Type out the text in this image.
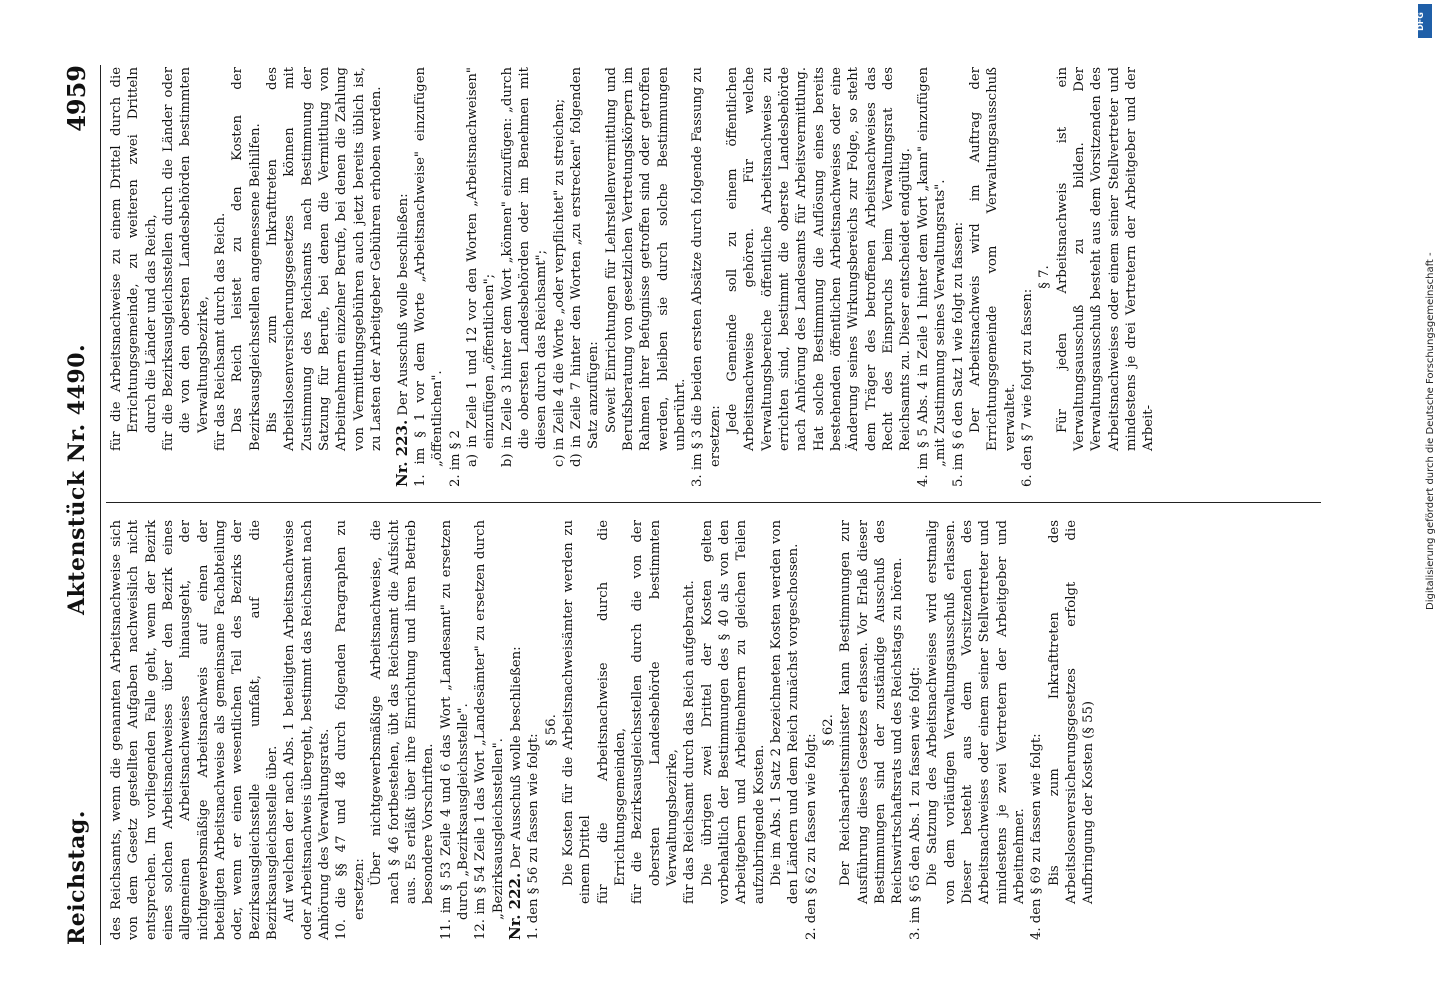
Reichstag.
Aktenstück Nr. 4490.
4959

des Reichsamts, wenn die genannten Arbeitsnachweise sich von dem Gesetz gestellten Aufgaben nachweislich nicht entsprechen. Im vorliegenden Falle geht, wenn der Bezirk eines solchen Arbeitsnachweises über den Bezirk eines allgemeinen Arbeitsnachweises hinausgeht, der nichtgewerbsmäßige Arbeitsnachweis auf einen der beteiligten Arbeitsnachweise als gemeinsame Fachabteilung oder, wenn er einen wesentlichen Teil des Bezirks der Bezirksausgleichsstelle umfaßt, auf die Bezirksausgleichsstelle über. Auf welchen der nach Abs. 1 beteiligten Arbeitsnachweise oder Arbeitsnachweis übergeht, bestimmt das Reichsamt nach Anhörung des Verwaltungsrats. 10. die §§ 47 und 48 durch folgenden Paragraphen zu ersetzen:

Über nichtgewerbsmäßige Arbeitsnachweise, die nach § 46 fortbestehen, übt das Reichsamt die Aufsicht aus. Es erläßt über ihre Einrichtung und ihren Betrieb besondere Vorschriften. 11. im § 53 Zeile 4 und 6 das Wort „Landesamt" zu ersetzen durch „Bezirksausgleichsstelle". 12. im § 54 Zeile 1 das Wort „Landesämter" zu ersetzen durch „Bezirksausgleichsstellen". Nr. 222. Der Ausschuß wolle beschließen: 1. den § 56 zu fassen wie folgt:

§ 56. Die Kosten für die Arbeitsnachweisämter werden zu einem Drittel für die Arbeitsnachweise durch die Errichtungsgemeinden, für die Bezirksausgleichsstellen durch die von der obersten Landesbehörde bestimmten Verwaltungsbezirke, für das Reichsamt durch das Reich aufgebracht. Die übrigen zwei Drittel der Kosten gelten vorbehaltlich der Bestimmungen des § 40 als von den Arbeitgebern und Arbeitnehmern zu gleichen Teilen aufzubringende Kosten. Die im Abs. 1 Satz 2 bezeichneten Kosten werden von den Ländern und dem Reich zunächst vorgeschossen. 2. den § 62 zu fassen wie folgt:

§ 62. Der Reichsarbeitsminister kann Bestimmungen zur Ausführung dieses Gesetzes erlassen. Vor Erlaß dieser Bestimmungen sind der zuständige Ausschuß des Reichswirtschaftsrats und des Reichstags zu hören. 3. im § 65 den Abs. 1 zu fassen wie folgt: Die Satzung des Arbeitsnachweises wird erstmalig von dem vorläufigen Verwaltungsausschuß erlassen. Dieser besteht aus dem Vorsitzenden des Arbeitsnachweises oder einem seiner Stellvertreter und mindestens je zwei Vertretern der Arbeitgeber und Arbeitnehmer. 4. den § 69 zu fassen wie folgt: Bis zum Inkrafttreten des Arbeitslosenversicherungsgesetzes erfolgt die Aufbringung der Kosten (§ 55)

für die Arbeitsnachweise zu einem Drittel durch die Errichtungsgemeinde, zu weiteren zwei Dritteln durch die Länder und das Reich, für die Bezirksausgleichsstellen durch die Länder oder die von den obersten Landesbehörden bestimmten Verwaltungsbezirke, für das Reichsamt durch das Reich. Das Reich leistet zu den Kosten der Bezirksausgleichsstellen angemessene Beihilfen. Bis zum Inkrafttreten des Arbeitslosenversicherungsgesetzes können mit Zustimmung des Reichsamts nach Bestimmung der Satzung für Berufe, bei denen die Vermittlung von Arbeitnehmern einzelner Berufe, bei denen die Zahlung von Vermittlungsgebühren auch jetzt bereits üblich ist, zu Lasten der Arbeitgeber Gebühren erhoben werden.

Nr. 223. Der Ausschuß wolle beschließen: 1. im § 1 vor dem Worte „Arbeitsnachweise" einzufügen „öffentlichen". 2. im § 2 a) in Zeile 1 und 12 vor den Worten „Arbeitsnachweisen" einzufügen „öffentlichen"; b) in Zeile 3 hinter dem Wort „können" einzufügen: „durch die obersten Landesbehörden oder im Benehmen mit diesen durch das Reichsamt"; c) in Zeile 4 die Worte „oder verpflichtet" zu streichen; d) in Zeile 7 hinter den Worten „zu erstrecken" folgenden Satz anzufügen: Soweit Einrichtungen für Lehrstellenvermittlung und Berufsberatung von gesetzlichen Vertretungskörpern im Rahmen ihrer Befugnisse getroffen sind oder getroffen werden, bleiben sie durch solche Bestimmungen unberührt. 3. im § 3 die beiden ersten Absätze durch folgende Fassung zu ersetzen:

Jede Gemeinde soll zu einem öffentlichen Arbeitsnachweise gehören. Für welche Verwaltungsbereiche öffentliche Arbeitsnachweise zu errichten sind, bestimmt die oberste Landesbehörde nach Anhörung des Landesamts für Arbeitsvermittlung. Hat solche Bestimmung die Auflösung eines bereits bestehenden öffentlichen Arbeitsnachweises oder eine Änderung seines Wirkungsbereichs zur Folge, so steht dem Träger des betroffenen Arbeitsnachweises das Recht des Einspruchs beim Verwaltungsrat des Reichsamts zu. Dieser entscheidet endgültig. 4. im § 5 Abs. 4 in Zeile 1 hinter dem Wort „kann" einzufügen „mit Zustimmung seines Verwaltungsrats". 5. im § 6 den Satz 1 wie folgt zu fassen: Der Arbeitsnachweis wird im Auftrag der Errichtungsgemeinde vom Verwaltungsausschuß verwaltet. 6. den § 7 wie folgt zu fassen:

§ 7. Für jeden Arbeitsnachweis ist ein Verwaltungsausschuß zu bilden. Der Verwaltungsausschuß besteht aus dem Vorsitzenden des Arbeitsnachweises oder einem seiner Stellvertreter und mindestens je drei Vertretern der Arbeitgeber und der Arbeit-

DFG
Digitalisierung gefördert durch die Deutsche Forschungsgemeinschaft -
